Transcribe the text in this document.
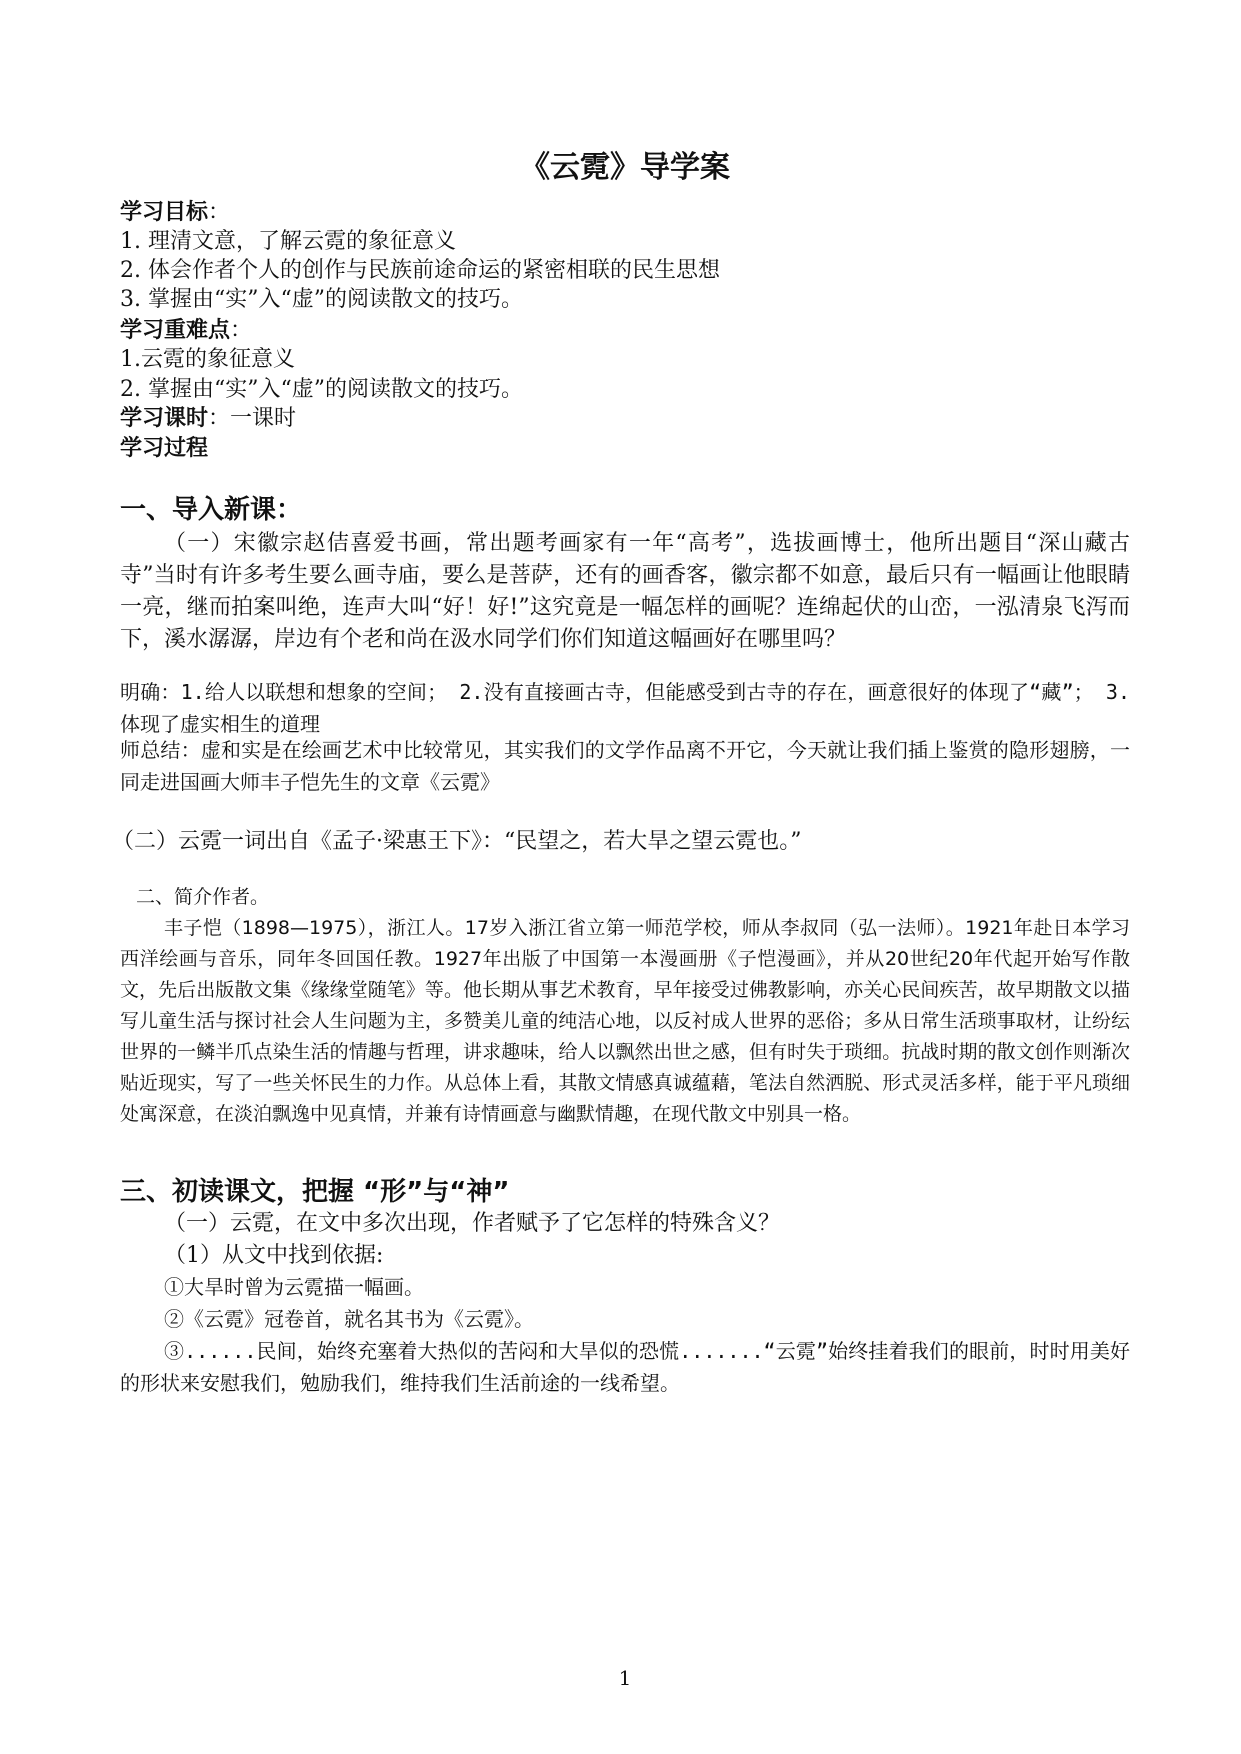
《云霓》导学案
学习目标：
1. 理清文意，了解云霓的象征意义
2. 体会作者个人的创作与民族前途命运的紧密相联的民生思想
3. 掌握由“实”入“虚”的阅读散文的技巧。
学习重难点：
1.云霓的象征意义
2. 掌握由“实”入“虚”的阅读散文的技巧。
学习课时：一课时
学习过程
一、导入新课：
（一）宋徽宗赵佶喜爱书画，常出题考画家有一年“高考”，选拔画博士，他所出题目“深山藏古寺”当时有许多考生要么画寺庙，要么是菩萨，还有的画香客，徽宗都不如意，最后只有一幅画让他眼睛一亮，继而拍案叫绝，连声大叫“好！好!”这究竟是一幅怎样的画呢？连绵起伏的山峦，一泓清泉飞泻而下，溪水潺潺，岸边有个老和尚在汲水同学们你们知道这幅画好在哪里吗？
明确：1.给人以联想和想象的空间； 2.没有直接画古寺，但能感受到古寺的存在，画意很好的体现了“藏”； 3.体现了虚实相生的道理
师总结：虚和实是在绘画艺术中比较常见，其实我们的文学作品离不开它，今天就让我们插上鉴赏的隐形翅膀，一同走进国画大师丰子恺先生的文章《云霓》
（二）云霓一词出自《孟子·梁惠王下》：“民望之，若大旱之望云霓也。”
二、简介作者。
丰子恺（1898—1975），浙江人。17岁入浙江省立第一师范学校，师从李叔同（弘一法师）。1921年赴日本学习西洋绘画与音乐，同年冬回国任教。1927年出版了中国第一本漫画册《子恺漫画》，并从20世纪20年代起开始写作散文，先后出版散文集《缘缘堂随笔》等。他长期从事艺术教育，早年接受过佛教影响，亦关心民间疾苦，故早期散文以描写儿童生活与探讨社会人生问题为主，多赞美儿童的纯洁心地，以反衬成人世界的恶俗；多从日常生活琐事取材，让纷纭世界的一鳞半爪点染生活的情趣与哲理，讲求趣味，给人以飘然出世之感，但有时失于琐细。抗战时期的散文创作则渐次贴近现实，写了一些关怀民生的力作。从总体上看，其散文情感真诚蕴藉，笔法自然洒脱、形式灵活多样，能于平凡琐细处寓深意，在淡泊飘逸中见真情，并兼有诗情画意与幽默情趣，在现代散文中别具一格。
三、初读课文，把握 “形”与“神”
（一）云霓，在文中多次出现，作者赋予了它怎样的特殊含义？
（1）从文中找到依据:
①大旱时曾为云霓描一幅画。
②《云霓》冠卷首，就名其书为《云霓》。
③......民间，始终充塞着大热似的苦闷和大旱似的恐慌.......“云霓”始终挂着我们的眼前，时时用美好的形状来安慰我们，勉励我们，维持我们生活前途的一线希望。
1
